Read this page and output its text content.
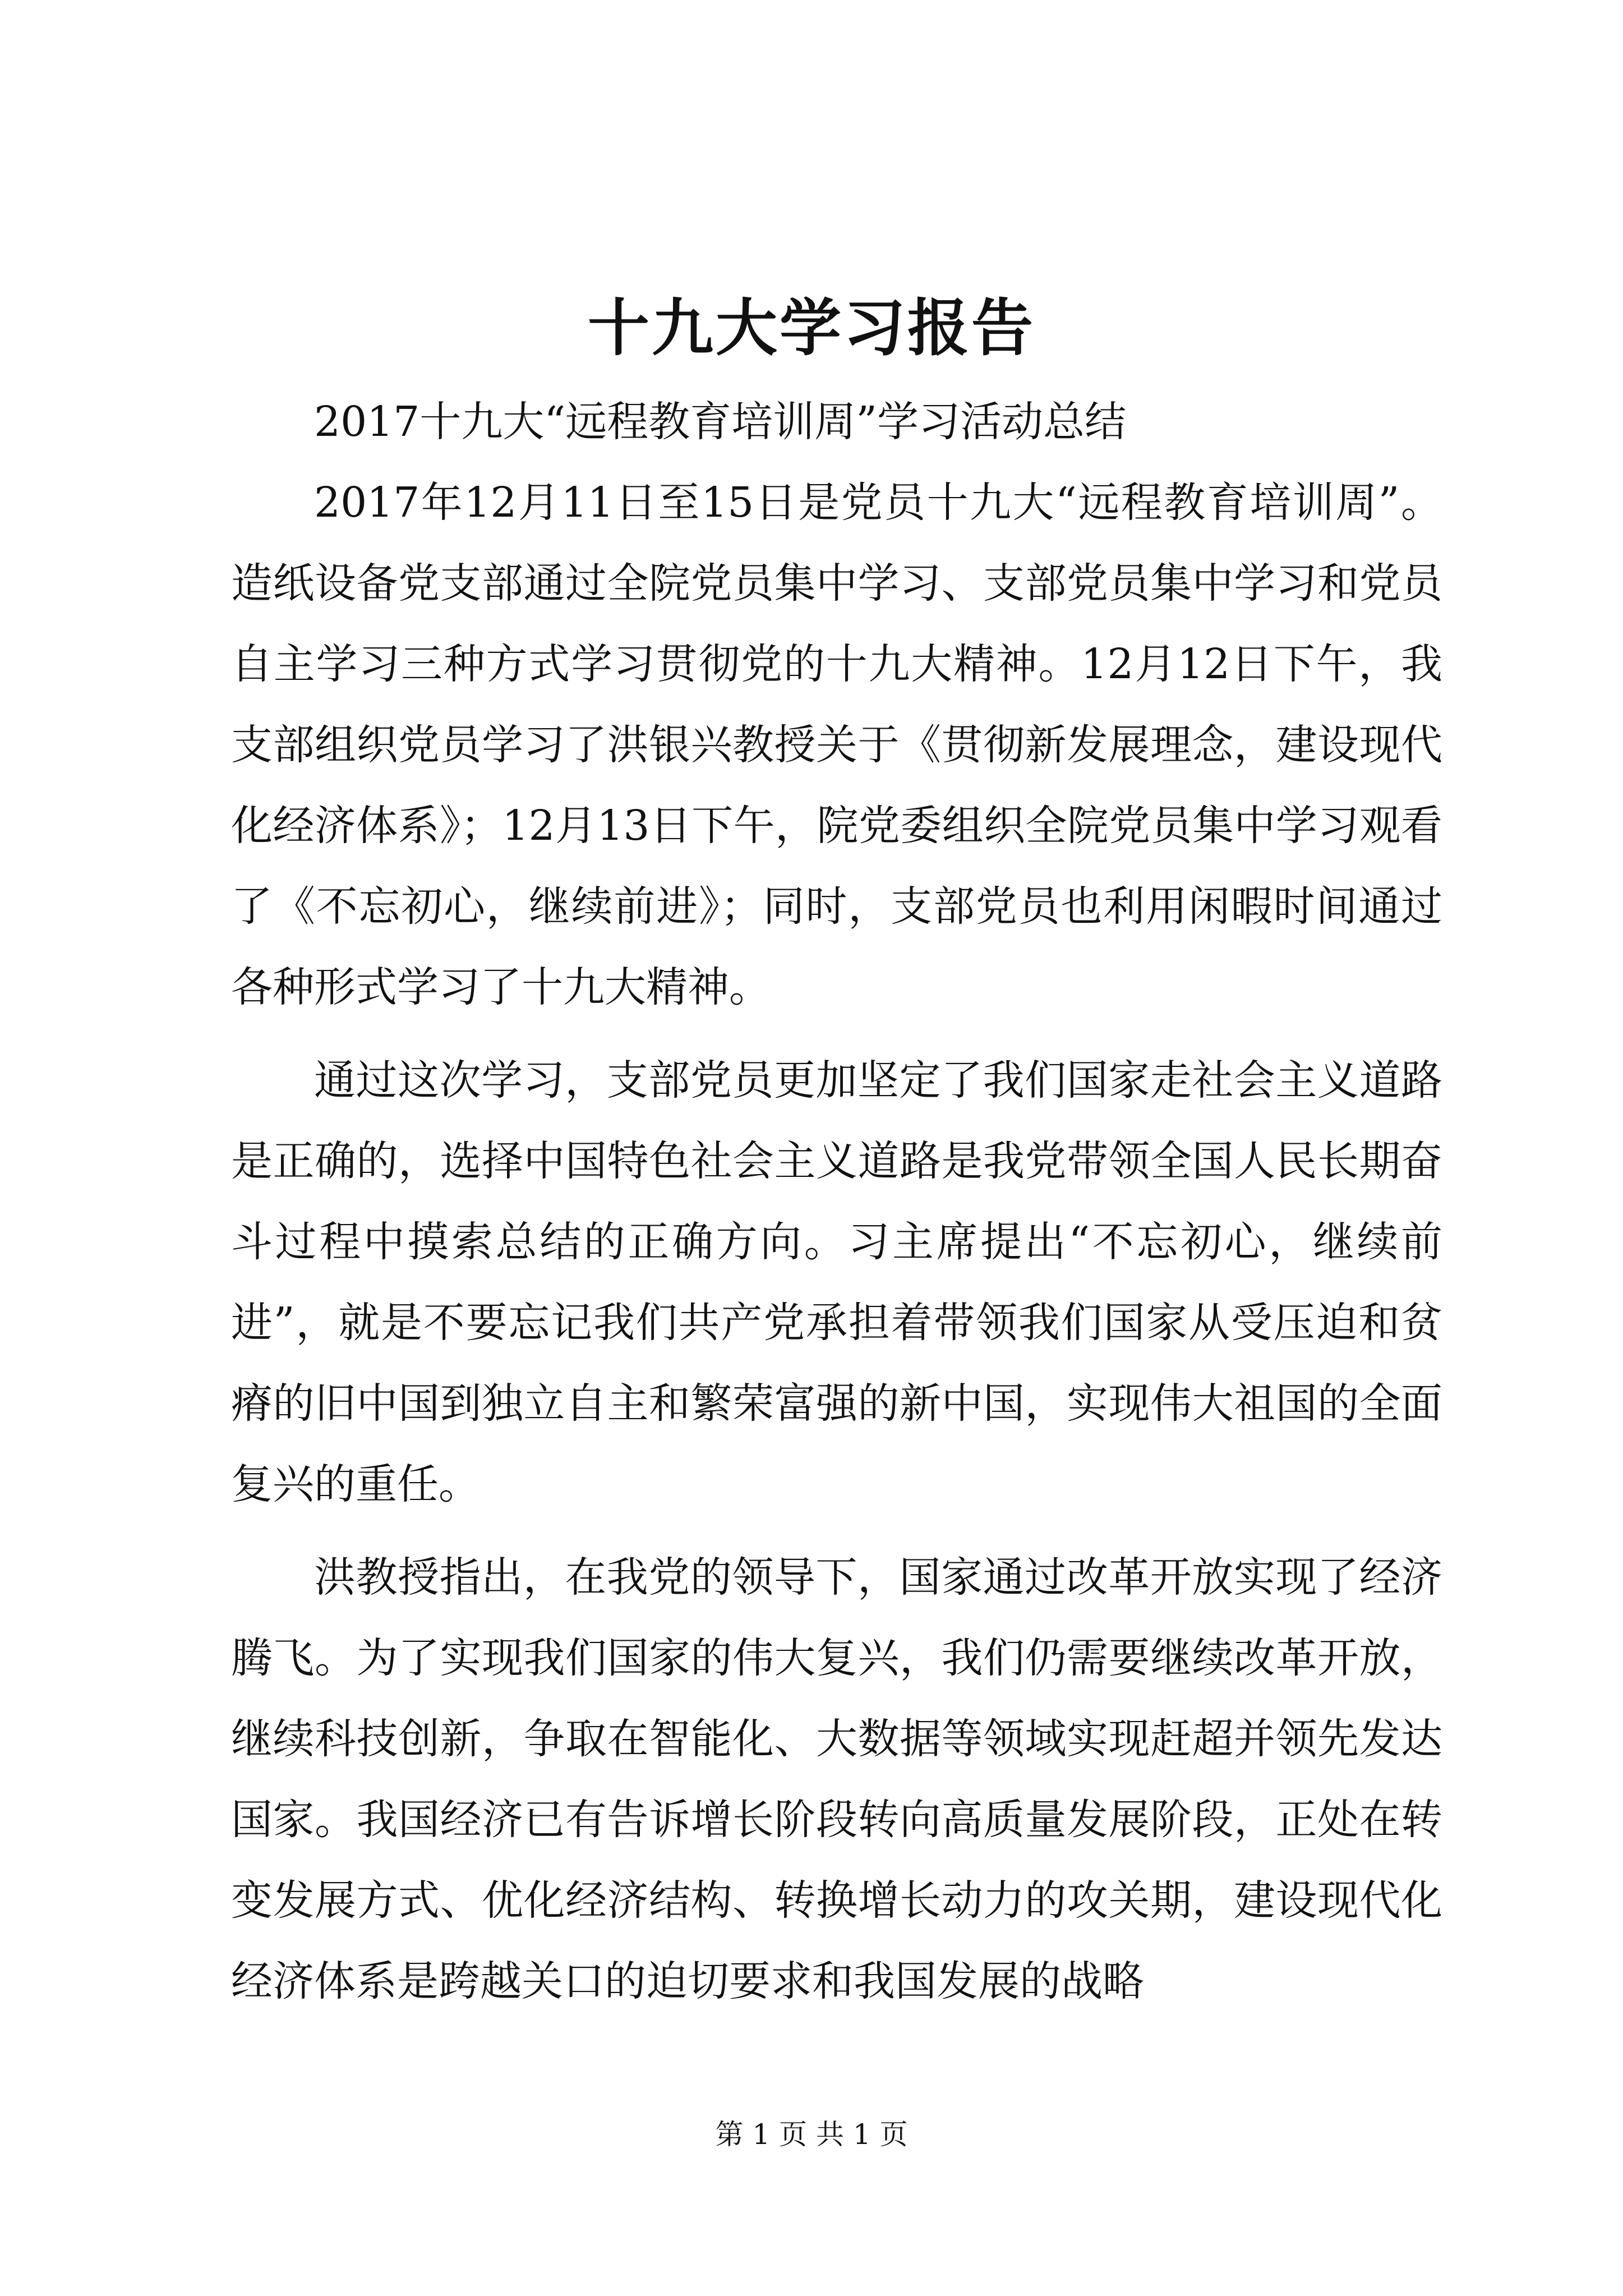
十九大学习报告

2017十九大“远程教育培训周”学习活动总结

2017年12月11日至15日是党员十九大“远程教育培训周”。造纸设备党支部通过全院党员集中学习、支部党员集中学习和党员自主学习三种方式学习贯彻党的十九大精神。12月12日下午，我支部组织党员学习了洪银兴教授关于《贯彻新发展理念，建设现代化经济体系》；12月13日下午，院党委组织全院党员集中学习观看了《不忘初心，继续前进》；同时，支部党员也利用闲暇时间通过各种形式学习了十九大精神。

通过这次学习，支部党员更加坚定了我们国家走社会主义道路是正确的，选择中国特色社会主义道路是我党带领全国人民长期奋斗过程中摸索总结的正确方向。习主席提出“不忘初心，继续前进”，就是不要忘记我们共产党承担着带领我们国家从受压迫和贫瘠的旧中国到独立自主和繁荣富强的新中国，实现伟大祖国的全面复兴的重任。

洪教授指出，在我党的领导下，国家通过改革开放实现了经济腾飞。为了实现我们国家的伟大复兴，我们仍需要继续改革开放，继续科技创新，争取在智能化、大数据等领域实现赶超并领先发达国家。我国经济已有告诉增长阶段转向高质量发展阶段，正处在转变发展方式、优化经济结构、转换增长动力的攻关期，建设现代化经济体系是跨越关口的迫切要求和我国发展的战略

第 1 页 共 1 页
